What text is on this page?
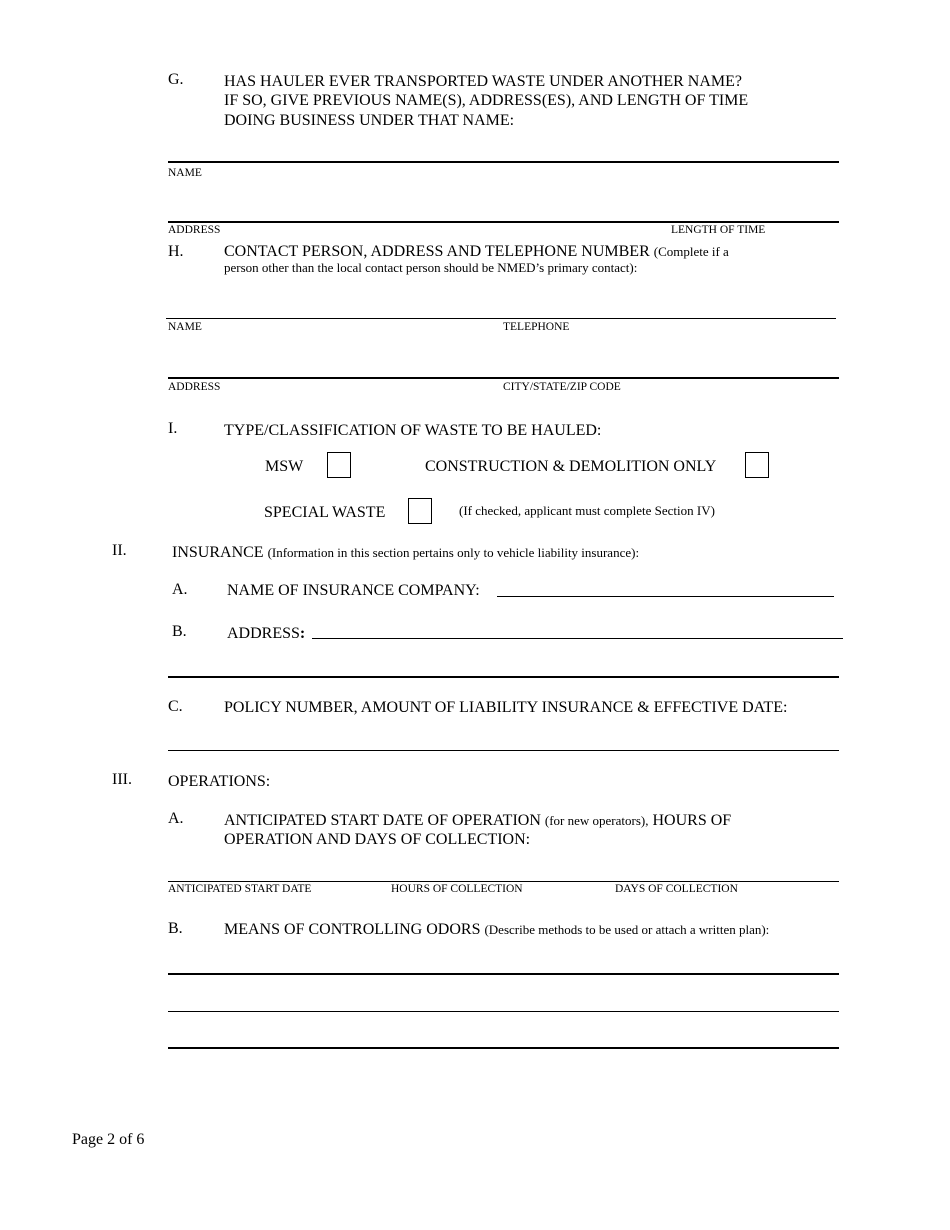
G.	HAS HAULER EVER TRANSPORTED WASTE UNDER ANOTHER NAME?
IF SO, GIVE PREVIOUS NAME(S), ADDRESS(ES), AND LENGTH OF TIME
DOING BUSINESS UNDER THAT NAME:
NAME
ADDRESS	LENGTH OF TIME
H.	CONTACT PERSON, ADDRESS AND TELEPHONE NUMBER (Complete if a
person other than the local contact person should be NMED’s primary contact):
NAME	TELEPHONE
ADDRESS	CITY/STATE/ZIP CODE
I.	TYPE/CLASSIFICATION OF WASTE TO BE HAULED:
MSW	CONSTRUCTION & DEMOLITION ONLY
SPECIAL WASTE	(If checked, applicant must complete Section IV)
II.	INSURANCE (Information in this section pertains only to vehicle liability insurance):
A. NAME OF INSURANCE COMPANY:
B.	ADDRESS:
C.	POLICY NUMBER, AMOUNT OF LIABILITY INSURANCE & EFFECTIVE DATE:
III. OPERATIONS:
A.	ANTICIPATED START DATE OF OPERATION (for new operators), HOURS OF
OPERATION AND DAYS OF COLLECTION:
ANTICIPATED START DATE	HOURS OF COLLECTION	DAYS OF COLLECTION
B.	MEANS OF CONTROLLING ODORS (Describe methods to be used or attach a written plan):
Page 2 of 6
